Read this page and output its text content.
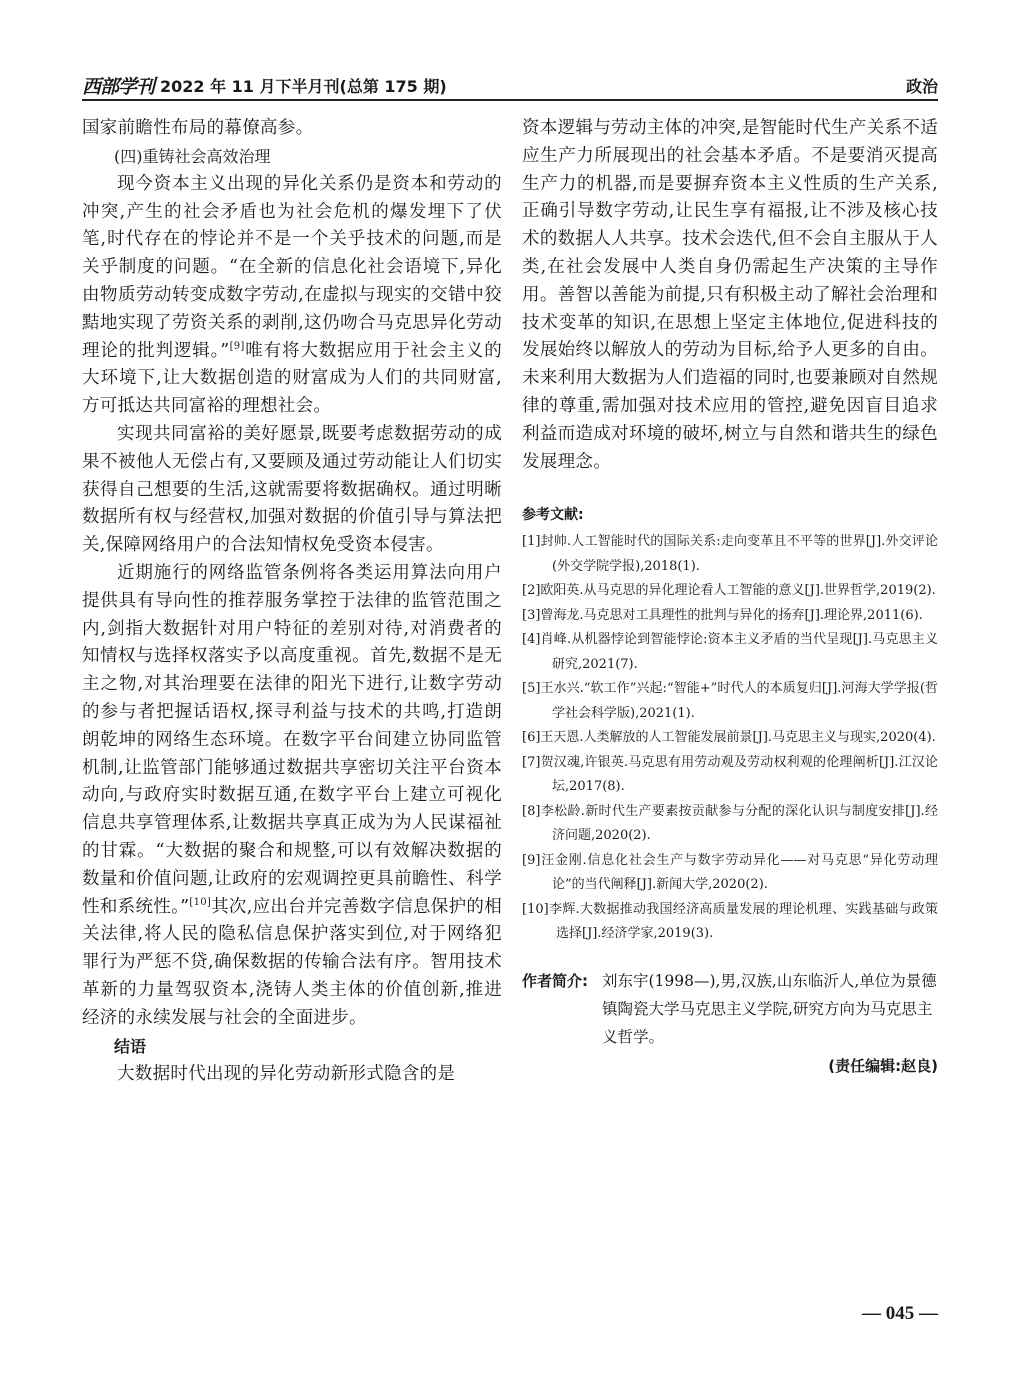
西部学刊 2022 年 11 月下半月刊(总第 175 期)	政治

国家前瞻性布局的幕僚高参。

(四)重铸社会高效治理

现今资本主义出现的异化关系仍是资本和劳动的冲突,产生的社会矛盾也为社会危机的爆发埋下了伏笔,时代存在的悖论并不是一个关乎技术的问题,而是关乎制度的问题。“在全新的信息化社会语境下,异化由物质劳动转变成数字劳动,在虚拟与现实的交错中狡黠地实现了劳资关系的剥削,这仍吻合马克思异化劳动理论的批判逻辑。”[9]唯有将大数据应用于社会主义的大环境下,让大数据创造的财富成为人们的共同财富,方可抵达共同富裕的理想社会。

实现共同富裕的美好愿景,既要考虑数据劳动的成果不被他人无偿占有,又要顾及通过劳动能让人们切实获得自己想要的生活,这就需要将数据确权。通过明晰数据所有权与经营权,加强对数据的价值引导与算法把关,保障网络用户的合法知情权免受资本侵害。

近期施行的网络监管条例将各类运用算法向用户提供具有导向性的推荐服务掌控于法律的监管范围之内,剑指大数据针对用户特征的差别对待,对消费者的知情权与选择权落实予以高度重视。首先,数据不是无主之物,对其治理要在法律的阳光下进行,让数字劳动的参与者把握话语权,探寻利益与技术的共鸣,打造朗朗乾坤的网络生态环境。在数字平台间建立协同监管机制,让监管部门能够通过数据共享密切关注平台资本动向,与政府实时数据互通,在数字平台上建立可视化信息共享管理体系,让数据共享真正成为为人民谋福祉的甘霖。“大数据的聚合和规整,可以有效解决数据的数量和价值问题,让政府的宏观调控更具前瞻性、科学性和系统性。”[10]其次,应出台并完善数字信息保护的相关法律,将人民的隐私信息保护落实到位,对于网络犯罪行为严惩不贷,确保数据的传输合法有序。智用技术革新的力量驾驭资本,浇铸人类主体的价值创新,推进经济的永续发展与社会的全面进步。

结语

大数据时代出现的异化劳动新形式隐含的是

资本逻辑与劳动主体的冲突,是智能时代生产关系不适应生产力所展现出的社会基本矛盾。不是要消灭提高生产力的机器,而是要摒弃资本主义性质的生产关系,正确引导数字劳动,让民生享有福报,让不涉及核心技术的数据人人共享。技术会迭代,但不会自主服从于人类,在社会发展中人类自身仍需起生产决策的主导作用。善智以善能为前提,只有积极主动了解社会治理和技术变革的知识,在思想上坚定主体地位,促进科技的发展始终以解放人的劳动为目标,给予人更多的自由。未来利用大数据为人们造福的同时,也要兼顾对自然规律的尊重,需加强对技术应用的管控,避免因盲目追求利益而造成对环境的破坏,树立与自然和谐共生的绿色发展理念。

参考文献:

[1]封帅.人工智能时代的国际关系:走向变革且不平等的世界[J].外交评论(外交学院学报),2018(1).

[2]欧阳英.从马克思的异化理论看人工智能的意义[J].世界哲学,2019(2).

[3]曾海龙.马克思对工具理性的批判与异化的扬弃[J].理论界,2011(6).

[4]肖峰.从机器悖论到智能悖论:资本主义矛盾的当代呈现[J].马克思主义研究,2021(7).

[5]王水兴.“软工作”兴起:“智能+”时代人的本质复归[J].河海大学学报(哲学社会科学版),2021(1).

[6]王天恩.人类解放的人工智能发展前景[J].马克思主义与现实,2020(4).

[7]贺汉魂,许银英.马克思有用劳动观及劳动权利观的伦理阐析[J].江汉论坛,2017(8).

[8]李松龄.新时代生产要素按贡献参与分配的深化认识与制度安排[J].经济问题,2020(2).

[9]汪金刚.信息化社会生产与数字劳动异化——对马克思“异化劳动理论”的当代阐释[J].新闻大学,2020(2).

[10]李辉.大数据推动我国经济高质量发展的理论机理、实践基础与政策选择[J].经济学家,2019(3).

作者简介: 刘东宇(1998—),男,汉族,山东临沂人,单位为景德镇陶瓷大学马克思主义学院,研究方向为马克思主义哲学。
(责任编辑:赵良)
— 045 —
